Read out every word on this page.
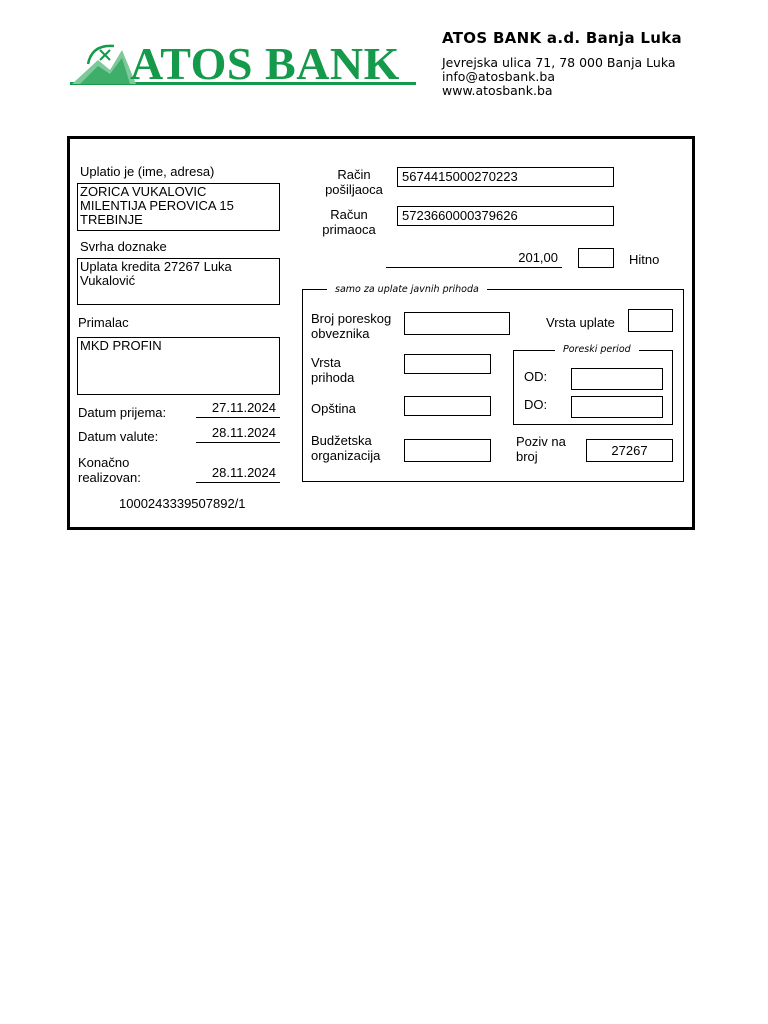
ATOS BANK	ATOS BANK a.d. Banja Luka
Jevrejska ulica 71, 78 000 Banja Luka
info@atosbank.ba
www.atosbank.ba
Uplatio je (ime, adresa)
ZORICA VUKALOVIC
MILENTIJA PEROVICA 15
TREBINJE
Svrha doznake
Uplata kredita 27267 Luka
Vukalović
Primalac
MKD PROFIN
Datum prijema:	27.11.2024
Datum valute:	28.11.2024
Konačno
realizovan:	28.11.2024
1000243339507892/1
Račin
pošiljaoca
5674415000270223
Račun
primaoca
5723660000379626
201,00	Hitno
samo za uplate javnih prihoda
Broj poreskog
obveznika
Vrsta uplate
Vrsta
prihoda
Opština
Budžetska
organizacija
Poreski period
OD:
DO:
Poziv na
broj	27267
